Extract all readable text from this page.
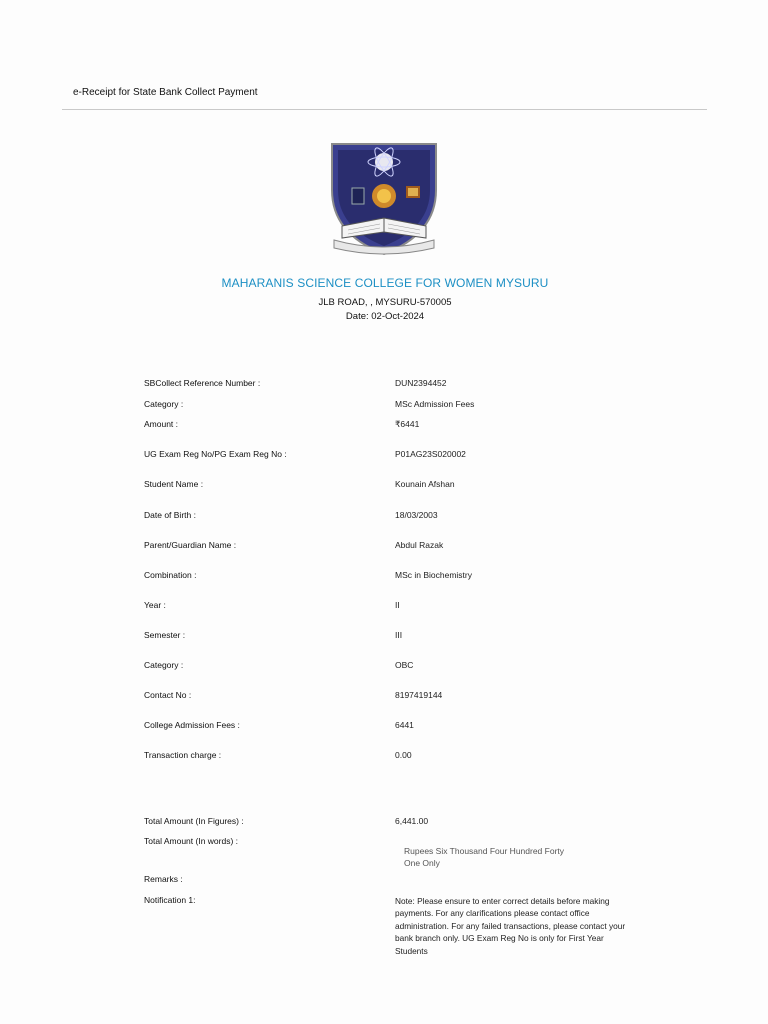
e-Receipt for State Bank Collect Payment
MAHARANIS SCIENCE COLLEGE FOR WOMEN MYSURU
JLB ROAD, , MYSURU-570005
Date: 02-Oct-2024
SBCollect Reference Number :	DUN2394452
Category :	MSc Admission Fees
Amount :	₹6441
UG Exam Reg No/PG Exam Reg No :	P01AG23S020002
Student Name :	Kounain Afshan
Date of Birth :	18/03/2003
Parent/Guardian Name :	Abdul Razak
Combination :	MSc in Biochemistry
Year :	II
Semester :	III
Category :	OBC
Contact No :	8197419144
College Admission Fees :	6441
Transaction charge :	0.00
Total Amount (In Figures) :	6,441.00
Total Amount (In words) :
Rupees Six Thousand Four Hundred Forty One Only
Remarks :
Notification 1:	Note: Please ensure to enter correct details before making payments. For any clarifications please contact office administration. For any failed transactions, please contact your bank branch only. UG Exam Reg No is only for First Year Students
